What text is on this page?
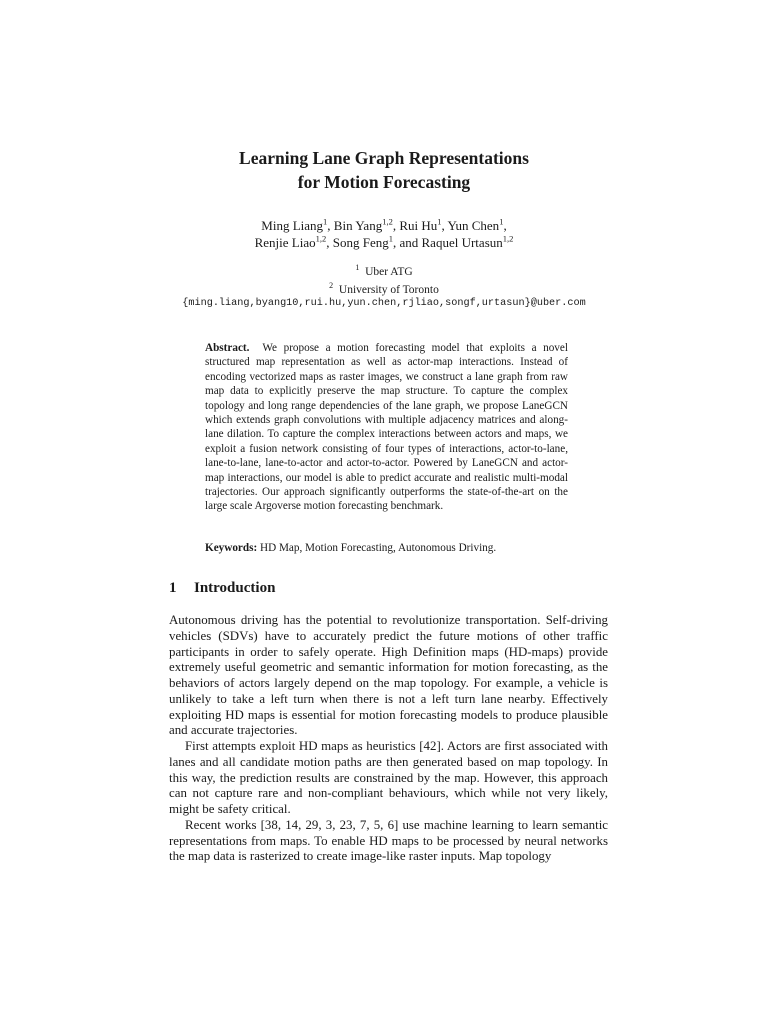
Learning Lane Graph Representations
for Motion Forecasting
Ming Liang$^1$, Bin Yang$^{1,2}$, Rui Hu$^1$, Yun Chen$^1$,
Renjie Liao$^{1,2}$, Song Feng$^1$, and Raquel Urtasun$^{1,2}$
$^1$ Uber ATG
$^2$ University of Toronto
{ming.liang,byang10,rui.hu,yun.chen,rjliao,songf,urtasun}@uber.com
Abstract. We propose a motion forecasting model that exploits a novel structured map representation as well as actor-map interactions. Instead of encoding vectorized maps as raster images, we construct a lane graph from raw map data to explicitly preserve the map structure. To capture the complex topology and long range dependencies of the lane graph, we propose LaneGCN which extends graph convolutions with multiple adjacency matrices and along-lane dilation. To capture the complex interactions between actors and maps, we exploit a fusion network consisting of four types of interactions, actor-to-lane, lane-to-lane, lane-to-actor and actor-to-actor. Powered by LaneGCN and actor-map interactions, our model is able to predict accurate and realistic multi-modal trajectories. Our approach significantly outperforms the state-of-the-art on the large scale Argoverse motion forecasting benchmark.
Keywords: HD Map, Motion Forecasting, Autonomous Driving.
1 Introduction

Autonomous driving has the potential to revolutionize transportation. Self-driving vehicles (SDVs) have to accurately predict the future motions of other traffic participants in order to safely operate. High Definition maps (HD-maps) provide extremely useful geometric and semantic information for motion forecasting, as the behaviors of actors largely depend on the map topology. For example, a vehicle is unlikely to take a left turn when there is not a left turn lane nearby. Effectively exploiting HD maps is essential for motion forecasting models to produce plausible and accurate trajectories.

First attempts exploit HD maps as heuristics [42]. Actors are first associated with lanes and all candidate motion paths are then generated based on map topology. In this way, the prediction results are constrained by the map. However, this approach can not capture rare and non-compliant behaviours, which while not very likely, might be safety critical.

Recent works [38, 14, 29, 3, 23, 7, 5, 6] use machine learning to learn semantic representations from maps. To enable HD maps to be processed by neural networks the map data is rasterized to create image-like raster inputs. Map topology
